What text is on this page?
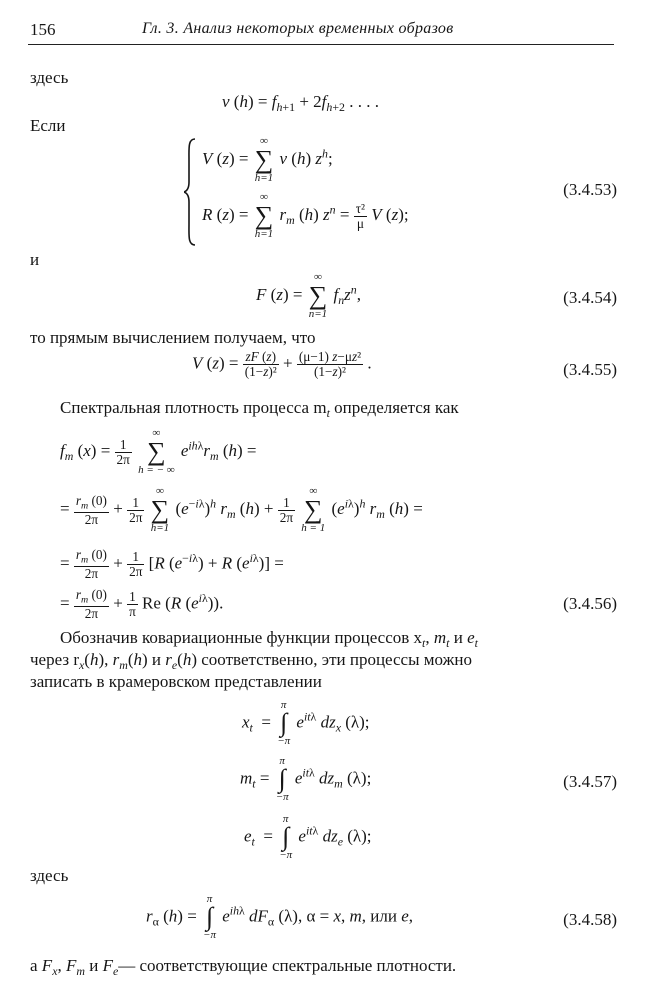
156	Гл. 3. Анализ некоторых временных образов
здесь
v $(h) = f_{h+1} + 2f_{h+2}$ . . . .
Если
V (z) =
∞
∑
h=1
v (h) $z^h$;
R (z) =
∞
∑
h=1
$r_m$ (h) $z^n = \frac{\text{τ²}}{\mu}$ V (z);
(3.4.53)
и
F (z) =
∞
∑
n=1
$f_nz^n$,	(3.4.54)
то прямым вычислением получаем, что
V $(z) = \frac{zF (z)}{\text{(1−z)²}} + \frac{\text{(μ−1) z−μz²}}{\text{(1−z)²}}$ .	(3.4.55)
Спектральная плотность процесса $m_t$ определяется как
$f_m$ $(x) = \frac{1}{2\pi}$

∞
∑
h = − ∞
$e^{ih\lambda}r_m$ (h) =
= $\frac{r_m (0)}{2\pi} + \frac{1}{2\pi}$

∞
∑
h=1
$(e^{-i\lambda})^h$ $r_m$ $(h) + \frac{1}{2\pi}$

∞
∑
h = 1
$(e^{i\lambda})^h$ $r_m$ (h) =
= $\frac{r_m (0)}{2\pi} + \frac{1}{2\pi} [R$ $(e^{-i\lambda}) + R$ $(e^{i\lambda})$] =
= $\frac{r_m (0)}{2\pi} + \frac{1}{\pi}$ Re (R $(e^{i\lambda})$).	(3.4.56)
Обозначив ковариационные функции процессов $x_t$, $m_t$ и $e_t$
через $r_x(h)$, $r_m(h)$ и $r_e(h)$ соответственно, эти процессы можно
записать в крамеровском представлении
$x_t$  =
π
∫
−π
$e^{it\lambda}$ $dz_x$ (λ);
$m_t$ =
π
∫
−π
$e^{it\lambda}$ $dz_m$ (λ);	(3.4.57)
$e_t$  =
π
∫
−π
$e^{it\lambda}$ $dz_e$ (λ);
здесь
$r_\alpha$ (h) =
π
∫
−π
$e^{ih\lambda}$ $dF_\alpha$ (λ), α = x, m, или e,	(3.4.58)
а $F_x$, $F_m$ и $F_e—$ соответствующие спектральные плотности.
